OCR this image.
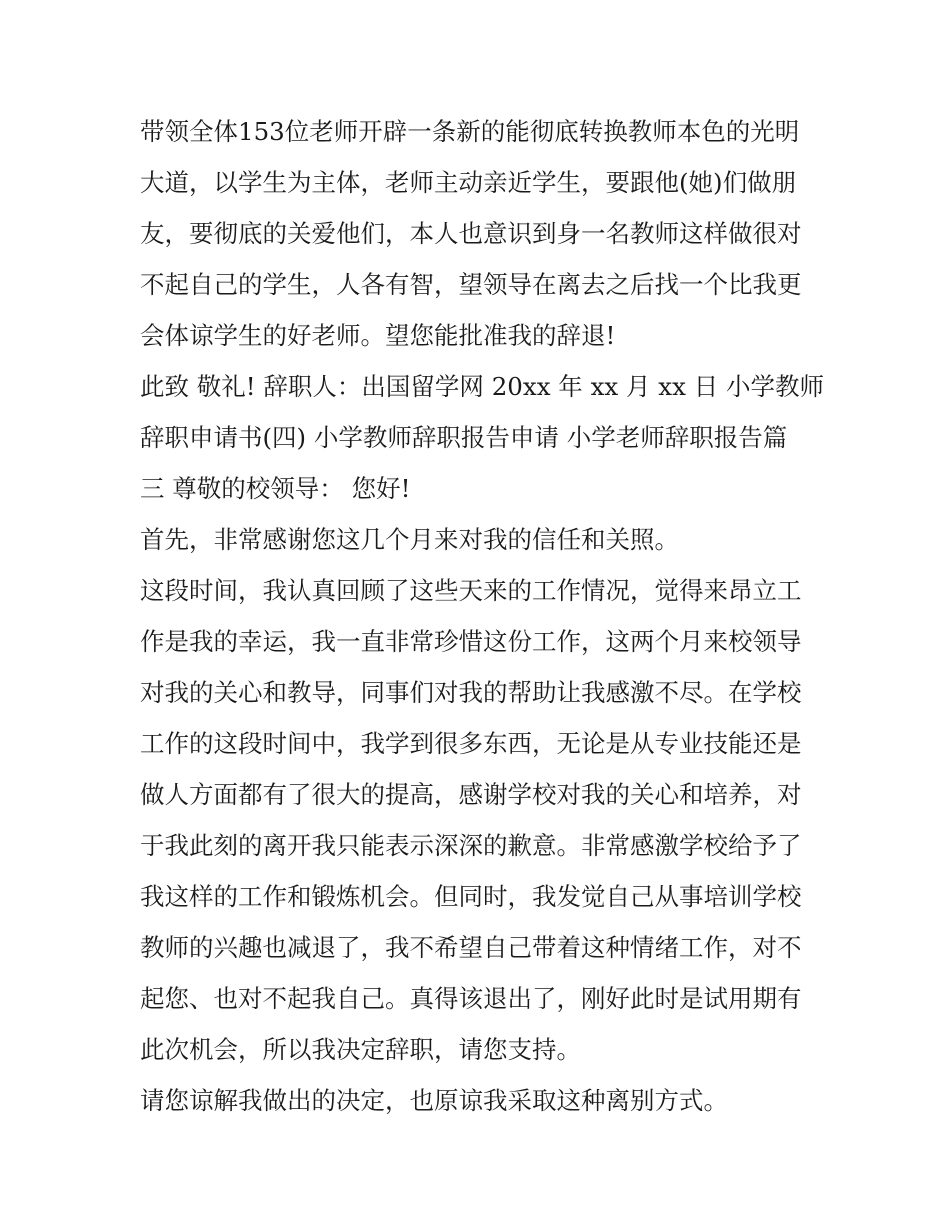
带领全体153位老师开辟一条新的能彻底转换教师本色的光明
大道，以学生为主体，老师主动亲近学生，要跟他(她)们做朋
友，要彻底的关爱他们，本人也意识到身一名教师这样做很对
不起自己的学生，人各有智，望领导在离去之后找一个比我更
会体谅学生的好老师。望您能批准我的辞退!
此致 敬礼! 辞职人：出国留学网 20xx 年 xx 月 xx 日 小学教师
辞职申请书(四) 小学教师辞职报告申请 小学老师辞职报告篇
三 尊敬的校领导： 您好!
首先，非常感谢您这几个月来对我的信任和关照。
这段时间，我认真回顾了这些天来的工作情况，觉得来昂立工
作是我的幸运，我一直非常珍惜这份工作，这两个月来校领导
对我的关心和教导，同事们对我的帮助让我感激不尽。在学校
工作的这段时间中，我学到很多东西，无论是从专业技能还是
做人方面都有了很大的提高，感谢学校对我的关心和培养，对
于我此刻的离开我只能表示深深的歉意。非常感激学校给予了
我这样的工作和锻炼机会。但同时，我发觉自己从事培训学校
教师的兴趣也减退了，我不希望自己带着这种情绪工作，对不
起您、也对不起我自己。真得该退出了，刚好此时是试用期有
此次机会，所以我决定辞职，请您支持。
请您谅解我做出的决定，也原谅我采取这种离别方式。
